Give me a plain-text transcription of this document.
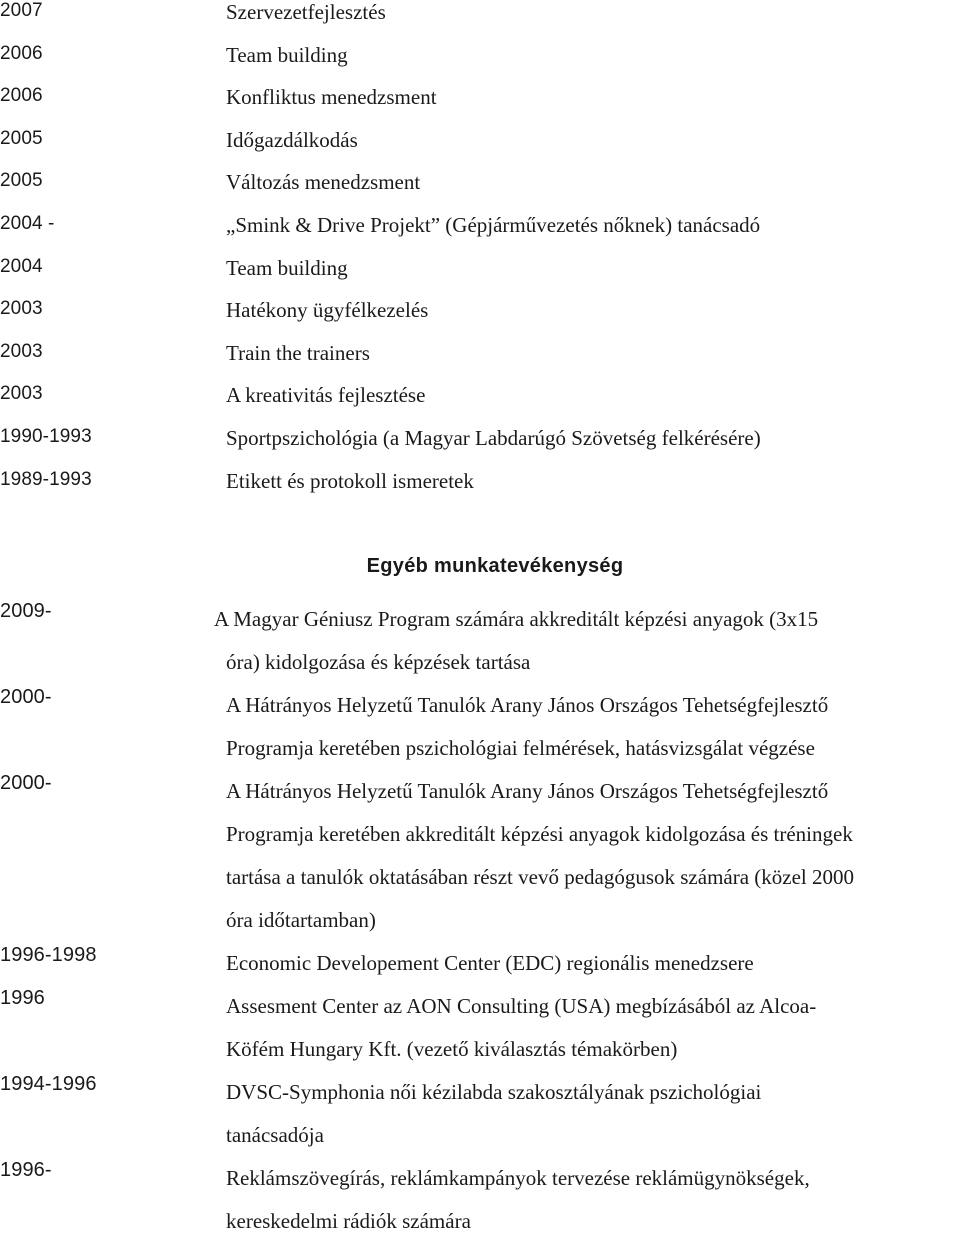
2007	Szervezetfejlesztés
2006	Team building
2006	Konfliktus menedzsment
2005	Időgazdálkodás
2005	Változás menedzsment
2004 -	„Smink & Drive Projekt” (Gépjárművezetés nőknek) tanácsadó
2004	Team building
2003	Hatékony ügyfélkezelés
2003	Train the trainers
2003	A kreativitás fejlesztése
1990-1993	Sportpszichológia (a Magyar Labdarúgó Szövetség felkérésére)
1989-1993	Etikett és protokoll ismeretek
Egyéb munkatevékenység
2009-	A Magyar Géniusz Program számára akkreditált képzési anyagok (3x15
óra) kidolgozása és képzések tartása
2000-	A Hátrányos Helyzetű Tanulók Arany János Országos Tehetségfejlesztő
Programja keretében pszichológiai felmérések, hatásvizsgálat végzése
2000-	A Hátrányos Helyzetű Tanulók Arany János Országos Tehetségfejlesztő
Programja keretében akkreditált képzési anyagok kidolgozása és tréningek
tartása a tanulók oktatásában részt vevő pedagógusok számára (közel 2000
óra időtartamban)
1996-1998	Economic Developement Center (EDC) regionális menedzsere
1996	Assesment Center az AON Consulting (USA) megbízásából az Alcoa-
Köfém Hungary Kft. (vezető kiválasztás témakörben)
1994-1996	DVSC-Symphonia női kézilabda szakosztályának pszichológiai
tanácsadója
1996-	Reklámszövegírás, reklámkampányok tervezése reklámügynökségek,
kereskedelmi rádiók számára
